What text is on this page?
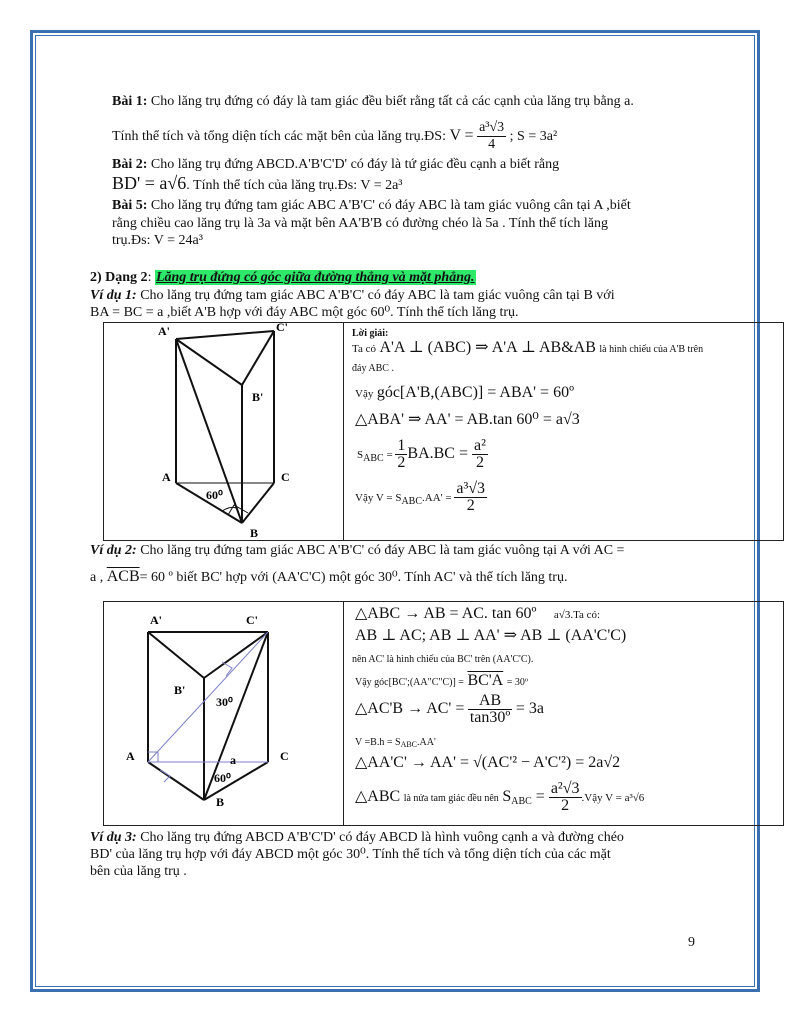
Bài 1: Cho lăng trụ đứng có đáy là tam giác đều biết rằng tất cả các cạnh của lăng trụ bằng a.
Tính thể tích và tổng diện tích các mặt bên của lăng trụ.ĐS: $V = \frac{\text{a³√3}}{4}$ ; S = 3a²
Bài 2: Cho lăng trụ đứng ABCD.A'B'C'D' có đáy là tứ giác đều cạnh a biết rằng
BD' = a√6. Tính thể tích của lăng trụ.Đs: V = 2a³
Bài 5: Cho lăng trụ đứng tam giác ABC A'B'C' có đáy ABC là tam giác vuông cân tại A ,biết
rằng chiều cao lăng trụ là 3a và mặt bên AA'B'B có đường chéo là 5a . Tính thể tích lăng
trụ.Đs: V = 24a³
2) Dạng 2: Lăng trụ đứng có góc giữa đường thẳng và mặt phẳng.
Ví dụ 1: Cho lăng trụ đứng tam giác ABC A'B'C' có đáy ABC là tam giác vuông cân tại B với
BA = BC = a ,biết A'B hợp với đáy ABC một góc 60⁰. Tính thể tích lăng trụ.
A'	C'
B'
A	C
B
60⁰
Lời giải:
Ta có A'A ⊥ (ABC) ⇒ A'A ⊥ AB&AB là hình chiếu của A'B trên
đáy ABC .
Vậy góc[A'B,(ABC)] = ABA' = 60º
△ABA' ⇒ AA' = AB.tan 60⁰ = a√3
$S_{ABC} = \frac{1}{2} BA.BC = \frac{\text{a²}}{2}$
Vậy $V = S_{ABC}.AA' = \frac{\text{a³√3}}{2}$
Ví dụ 2: Cho lăng trụ đứng tam giác ABC A'B'C' có đáy ABC là tam giác vuông tại A với AC =
a , $\overline{ACB}= 60$ º biết BC' hợp với (AA'C'C) một góc 30⁰. Tính AC' và thể tích lăng trụ.
A'	C'
B'
A	C
B
a
30⁰
60⁰
△ABC → AB = AC. tan 60º a√3.Ta có:
AB ⊥ AC; AB ⊥ AA' ⇒ AB ⊥ (AA'C'C)
nên AC' là hình chiếu của BC' trên (AA'C'C).
Vậy góc[BC';(AA"C"C)] = BC'A = 30º
△AC'B → $AC' = \frac{AB}{\text{tan30º}} = 3a$
$V =B.h = S_{ABC}.AA'$
△AA'C' → AA' = √(AC'² − A'C'²) = 2a√2
△ABC là nửa tam giác đều nên $S_{ABC} = \frac{\text{a²√3}}{2}$ .Vậy V = a³√6
Ví dụ 3: Cho lăng trụ đứng ABCD A'B'C'D' có đáy ABCD là hình vuông cạnh a và đường chéo
BD' của lăng trụ hợp với đáy ABCD một góc 30⁰. Tính thể tích và tổng diện tích của các mặt
bên của lăng trụ .
9
